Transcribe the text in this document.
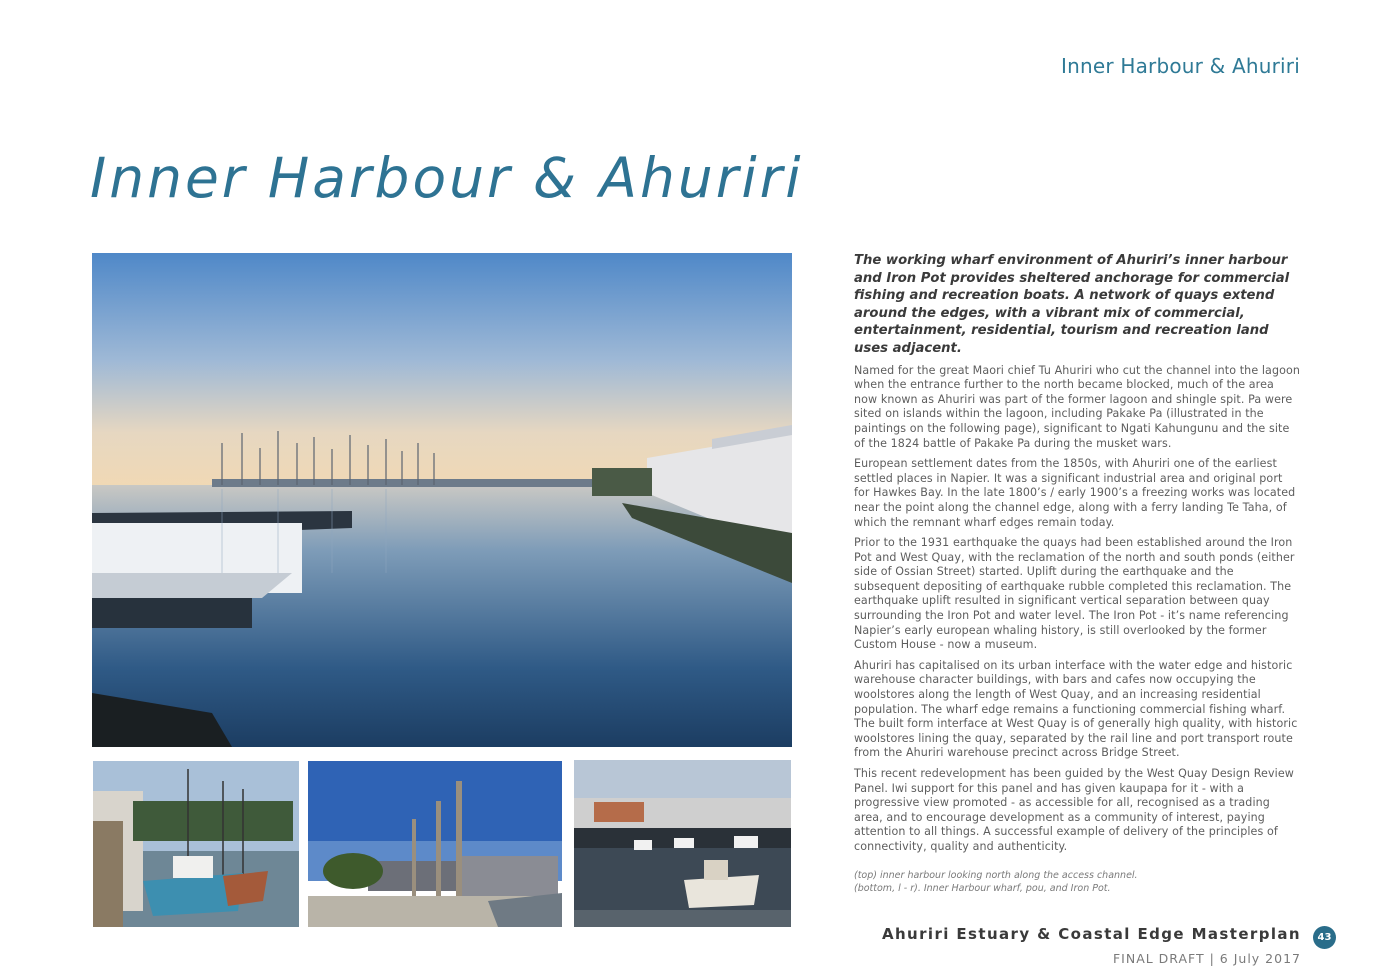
Inner Harbour & Ahuriri
Inner Harbour & Ahuriri

The working wharf environment of Ahuriri’s inner harbour and Iron Pot provides sheltered anchorage for commercial fishing and recreation boats. A network of quays extend around the edges, with a vibrant mix of commercial, entertainment, residential, tourism and recreation land uses adjacent.

Named for the great Maori chief Tu Ahuriri who cut the channel into the lagoon when the entrance further to the north became blocked, much of the area now known as Ahuriri was part of the former lagoon and shingle spit. Pa were sited on islands within the lagoon, including Pakake Pa (illustrated in the paintings on the following page), significant to Ngati Kahungunu and the site of the 1824 battle of Pakake Pa during the musket wars.

European settlement dates from the 1850s, with Ahuriri one of the earliest settled places in Napier. It was a significant industrial area and original port for Hawkes Bay. In the late 1800’s / early 1900’s a freezing works was located near the point along the channel edge, along with a ferry landing Te Taha, of which the remnant wharf edges remain today.

Prior to the 1931 earthquake the quays had been established around the Iron Pot and West Quay, with the reclamation of the north and south ponds (either side of Ossian Street) started. Uplift during the earthquake and the subsequent depositing of earthquake rubble completed this reclamation. The earthquake uplift resulted in significant vertical separation between quay surrounding the Iron Pot and water level. The Iron Pot - it’s name referencing Napier’s early european whaling history, is still overlooked by the former Custom House - now a museum.

Ahuriri has capitalised on its urban interface with the water edge and historic warehouse character buildings, with bars and cafes now occupying the woolstores along the length of West Quay, and an increasing residential population. The wharf edge remains a functioning commercial fishing wharf. The built form interface at West Quay is of generally high quality, with historic woolstores lining the quay, separated by the rail line and port transport route from the Ahuriri warehouse precinct across Bridge Street.

This recent redevelopment has been guided by the West Quay Design Review Panel. Iwi support for this panel and has given kaupapa for it - with a progressive view promoted - as accessible for all, recognised as a trading area, and to encourage development as a community of interest, paying attention to all things. A successful example of delivery of the principles of connectivity, quality and authenticity.

(top) inner harbour looking north along the access channel.

(bottom, l - r). Inner Harbour wharf, pou, and Iron Pot.

Ahuriri Estuary & Coastal Edge Masterplan	43
FINAL DRAFT | 6 July 2017
